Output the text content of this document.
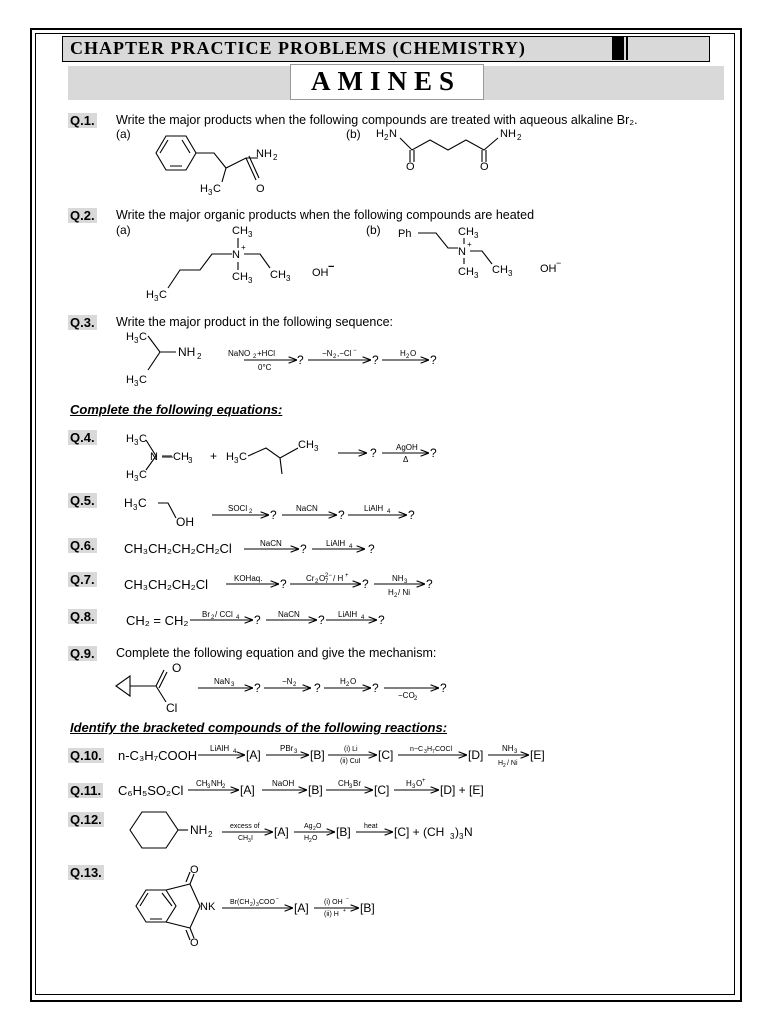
CHAPTER PRACTICE PROBLEMS (CHEMISTRY)
AMINES
Q.1. Write the major products when the following compounds are treated with aqueous alkaline Br₂.
(a)	(b)
Q.2. Write the major organic products when the following compounds are heated
(a)	(b)
Q.3. Write the major product in the following sequence:
Complete the following equations:
Q.4.
Q.5.
Q.6. CH₃CH₂CH₂CH₂Cl
Q.7. CH₃CH₂CH₂Cl
Q.8. CH₂ = CH₂
Q.9. Complete the following equation and give the mechanism:
Identify the bracketed compounds of the following reactions:
Q.10. n-C₃H₇COOH
Q.11. C₆H₅SO₂Cl
Q.12.
Q.13.
NH 2
O
H 3 C
H 2 N	NH 2
O	O
CH 3
N
+
CH 3 CH 3
H 3 C
OH −
Ph	CH 3
N
+
CH 3 CH 3	OH −
H 3 C
NH 2
H 3 C
NaNO 2 +HCl
0°C
? −N 2 ,−Cl −
?	H 2 O ?
H 3 C
N —CH 3
H 3 C
+ H 3 C
CH 3	? AgOH
Δ ?
H 3 C
OH
SOCl 2 ? NaCN ? LiAlH 4 ?
NaCN ? LiAlH 4 ?
KOHaq. ? Cr 2 O 7
2− / H +
?	NH 3
H 2 / Ni
?
Br 2 / CCl 4 ? NaCN ? LiAlH 4 ?
O
Cl
NaN 3 ?	−N 2 ? H 2 O ?
−CO 2
?
LiAlH 4 [A] PBr 3 [B]	(i) Li
(ii) CuI [C] n−C 3 H 7 COCl [D] NH 3
H 2 / Ni
[E]
CH 3 NH 2 [A] NaOH [B] CH 3 Br [C] H 3 O +
[D] + [E]
NH 2
excess of
CH 3 I [A] Ag 2 O
H 2 O [B] heat [C] + (CH 3 ) 3 N
O
NK
O
Br(CH 2 ) 3 COO −
[A] (i) OH −
(ii) H + [B]
